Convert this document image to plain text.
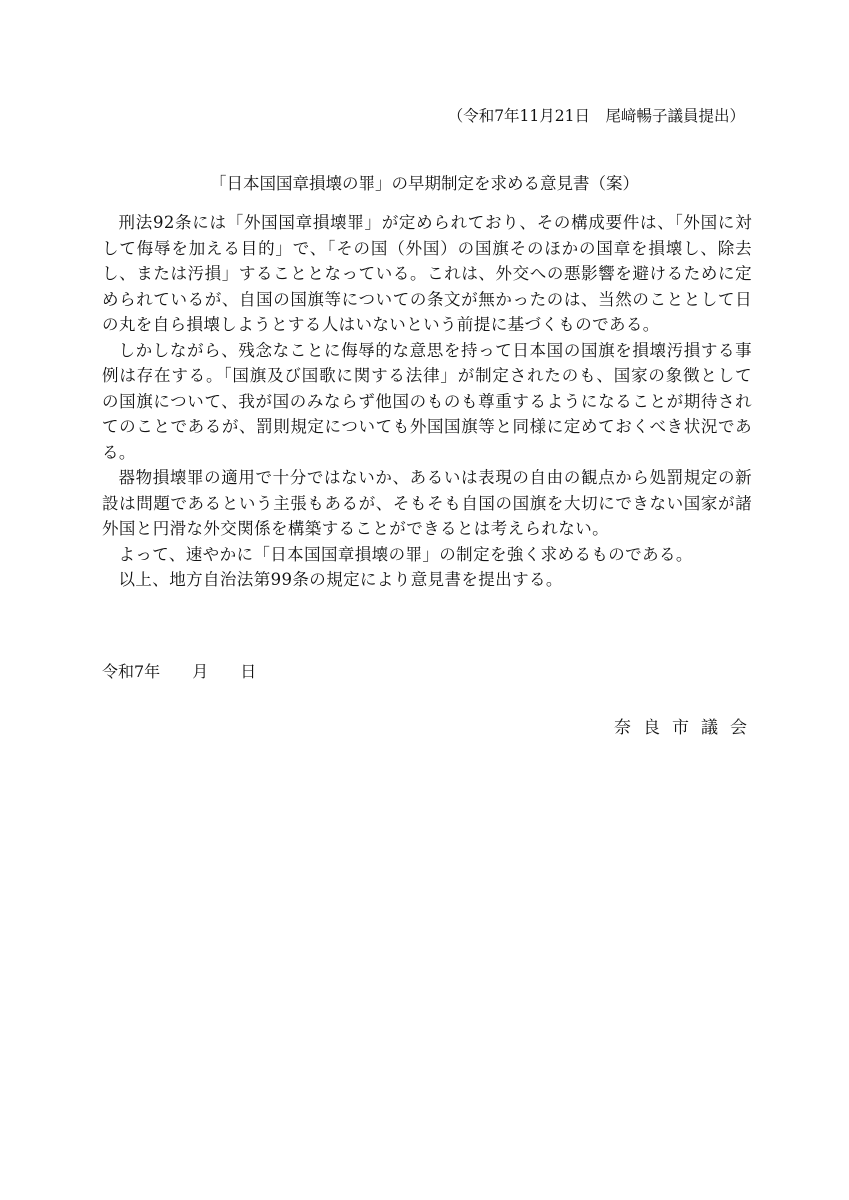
（令和7年11月21日　尾﨑暢子議員提出）
「日本国国章損壊の罪」の早期制定を求める意見書（案）

刑法92条には「外国国章損壊罪」が定められており、その構成要件は、「外国に対して侮辱を加える目的」で、「その国（外国）の国旗そのほかの国章を損壊し、除去し、または汚損」することとなっている。これは、外交への悪影響を避けるために定められているが、自国の国旗等についての条文が無かったのは、当然のこととして日の丸を自ら損壊しようとする人はいないという前提に基づくものである。

しかしながら、残念なことに侮辱的な意思を持って日本国の国旗を損壊汚損する事例は存在する。「国旗及び国歌に関する法律」が制定されたのも、国家の象徴としての国旗について、我が国のみならず他国のものも尊重するようになることが期待されてのことであるが、罰則規定についても外国国旗等と同様に定めておくべき状況である。

器物損壊罪の適用で十分ではないか、あるいは表現の自由の観点から処罰規定の新設は問題であるという主張もあるが、そもそも自国の国旗を大切にできない国家が諸外国と円滑な外交関係を構築することができるとは考えられない。

よって、速やかに「日本国国章損壊の罪」の制定を強く求めるものである。

以上、地方自治法第99条の規定により意見書を提出する。

令和7年 月 日
奈良市議会
